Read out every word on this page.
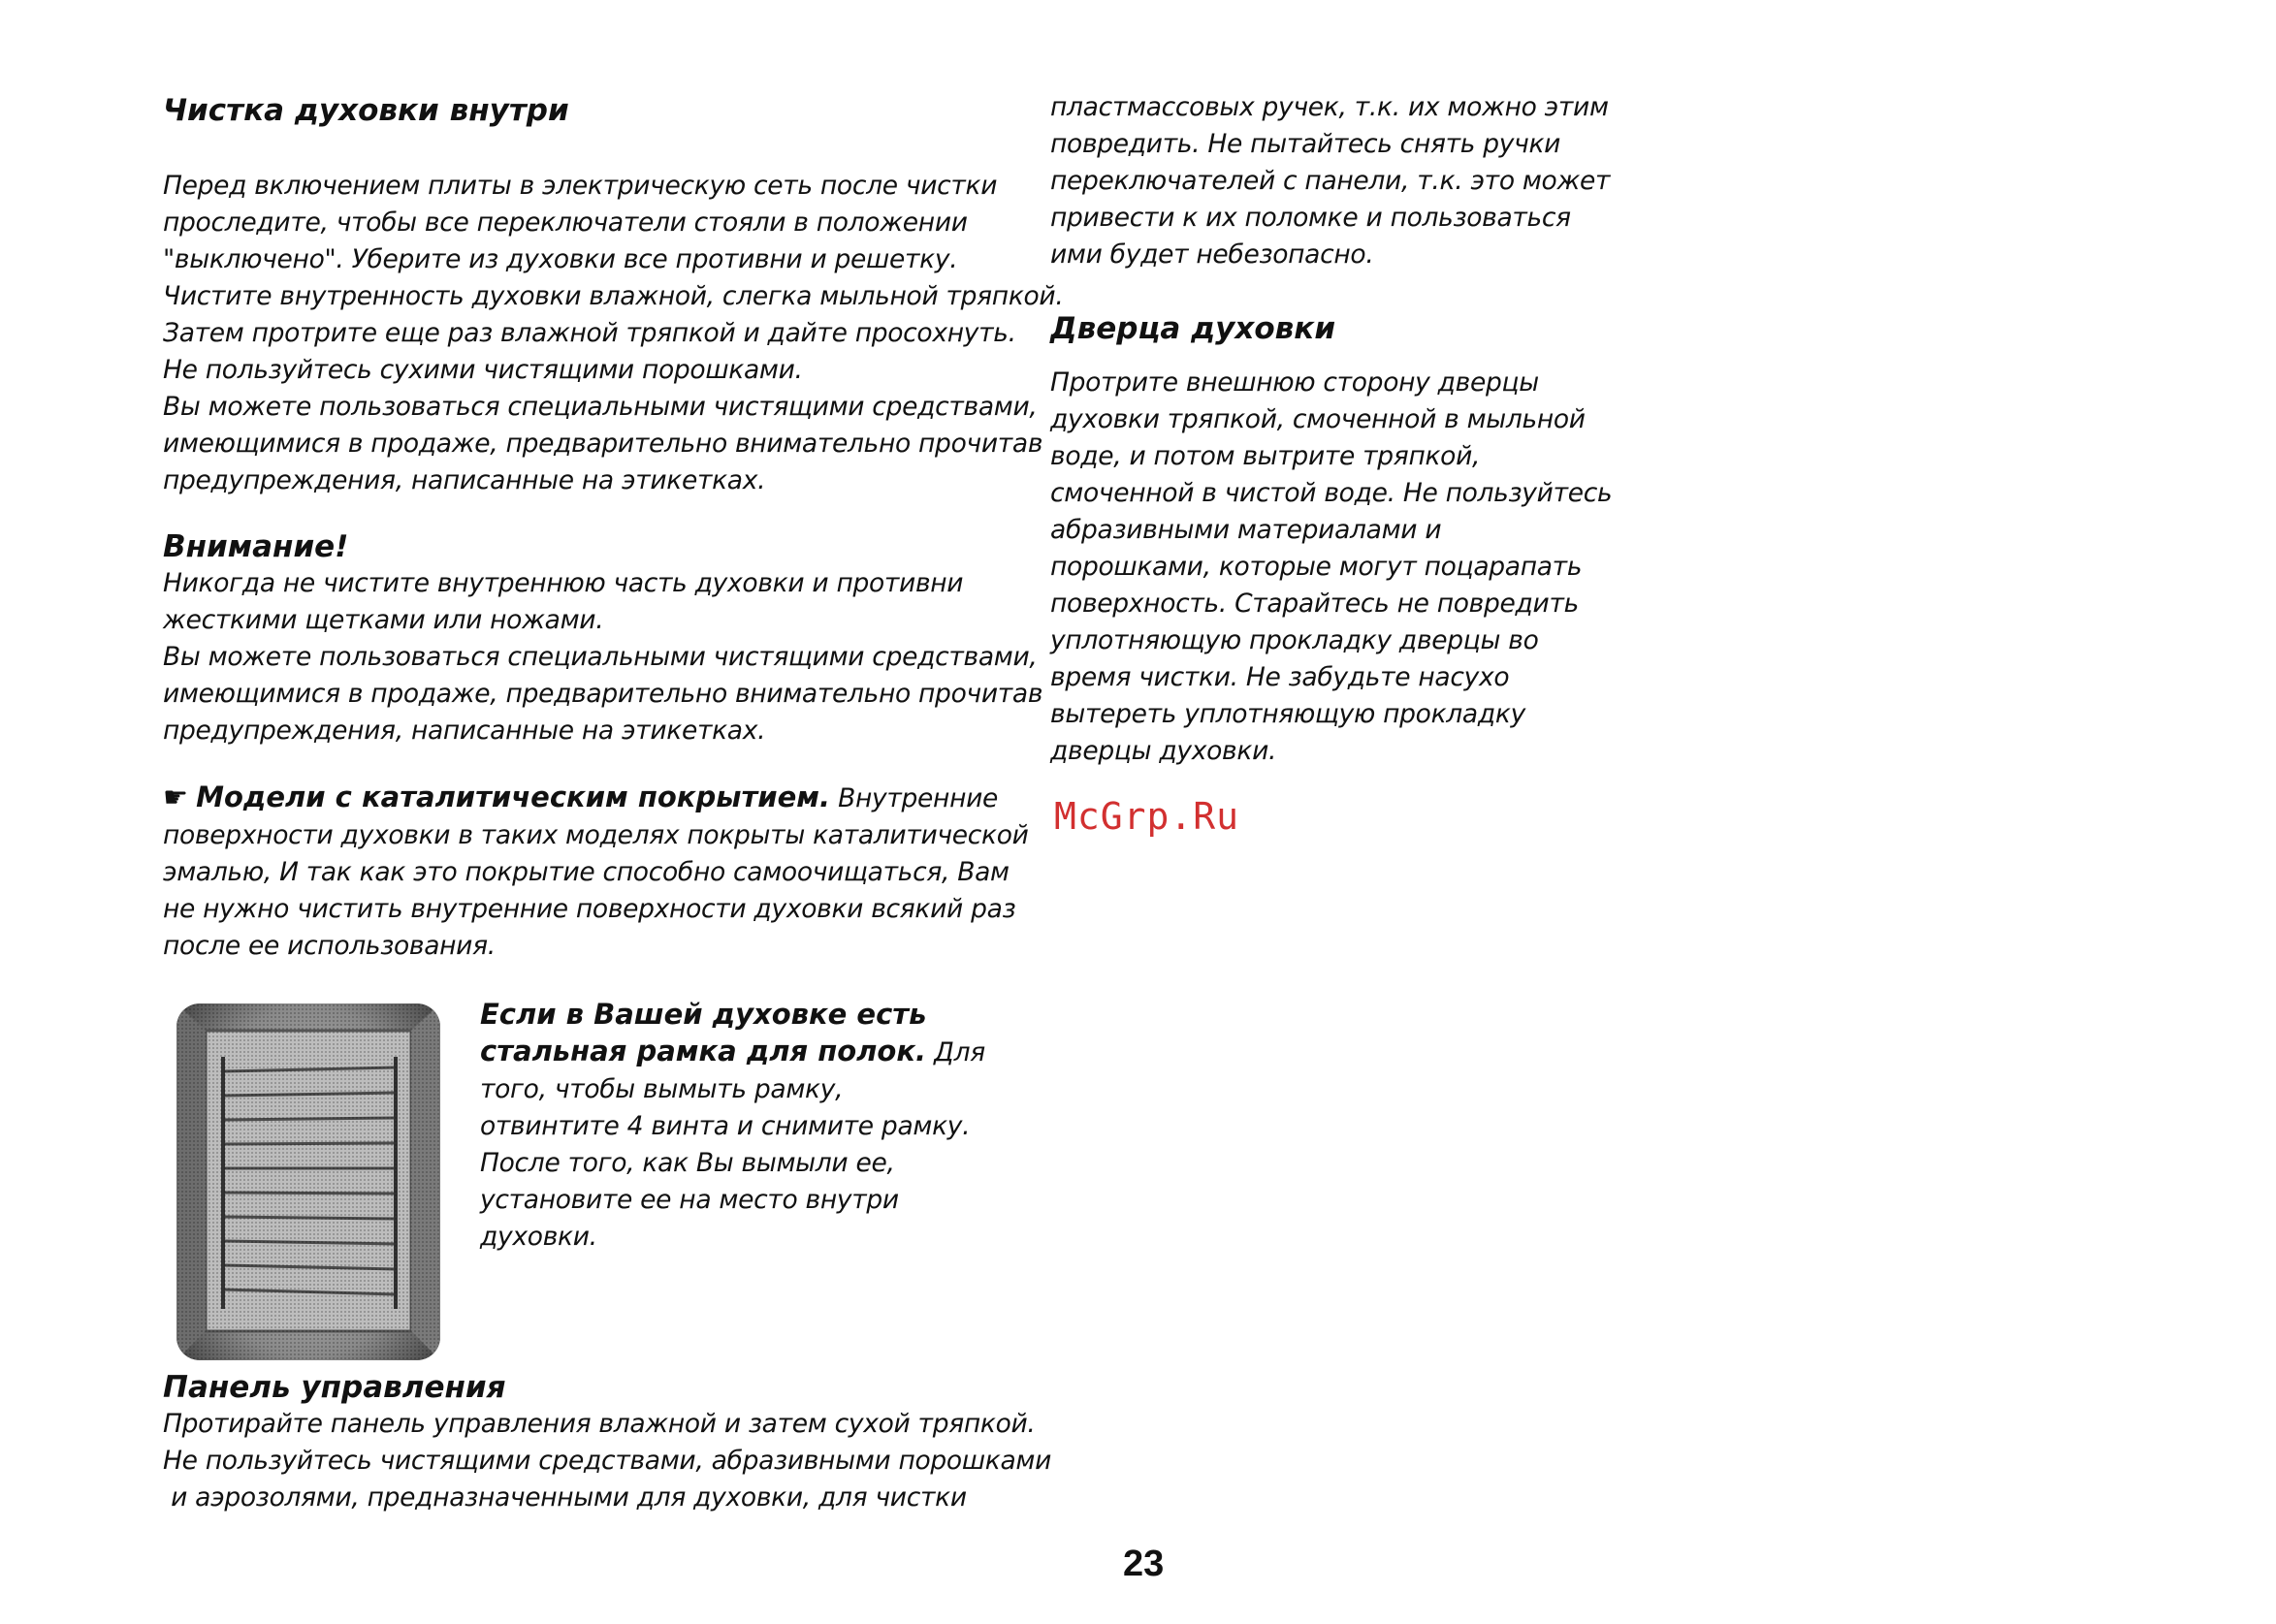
Чистка духовки внутри

Перед включением плиты в электрическую сеть после чистки
проследите, чтобы все переключатели стояли в положении
"выключено". Уберите из духовки все противни и решетку.
Чистите внутренность духовки влажной, слегка мыльной тряпкой.
Затем протрите еще раз влажной тряпкой и дайте просохнуть.
Не пользуйтесь сухими чистящими порошками.
Вы можете пользоваться специальными чистящими средствами,
имеющимися в продаже, предварительно внимательно прочитав
предупреждения, написанные на этикетках.

Внимание!

Никогда не чистите внутреннюю часть духовки и противни
жесткими щетками или ножами.
Вы можете пользоваться специальными чистящими средствами,
имеющимися в продаже, предварительно внимательно прочитав
предупреждения, написанные на этикетках.

☛ Модели с каталитическим покрытием. Внутренние
поверхности духовки в таких моделях покрыты каталитической
эмалью, И так как это покрытие способно самоочищаться, Вам
не нужно чистить внутренние поверхности духовки всякий раз
после ее использования.

Если в Вашей духовке есть
стальная рамка для полок. Для
того, чтобы вымыть рамку,
отвинтите 4 винта и снимите рамку.
После того, как Вы вымыли ее,
установите ее на место внутри
духовки.

Панель управления

Протирайте панель управления влажной и затем сухой тряпкой.
Не пользуйтесь чистящими средствами, абразивными порошками
и аэрозолями, предназначенными для духовки, для чистки

пластмассовых ручек, т.к. их можно этим
повредить. Не пытайтесь снять ручки
переключателей с панели, т.к. это может
привести к их поломке и пользоваться
ими будет небезопасно.

Дверца духовки

Протрите внешнюю сторону дверцы
духовки тряпкой, смоченной в мыльной
воде, и потом вытрите тряпкой,
смоченной в чистой воде. Не пользуйтесь
абразивными материалами и
порошками, которые могут поцарапать
поверхность. Старайтесь не повредить
уплотняющую прокладку дверцы во
время чистки. Не забудьте насухо
вытереть уплотняющую прокладку
дверцы духовки.

McGrp.Ru
23
